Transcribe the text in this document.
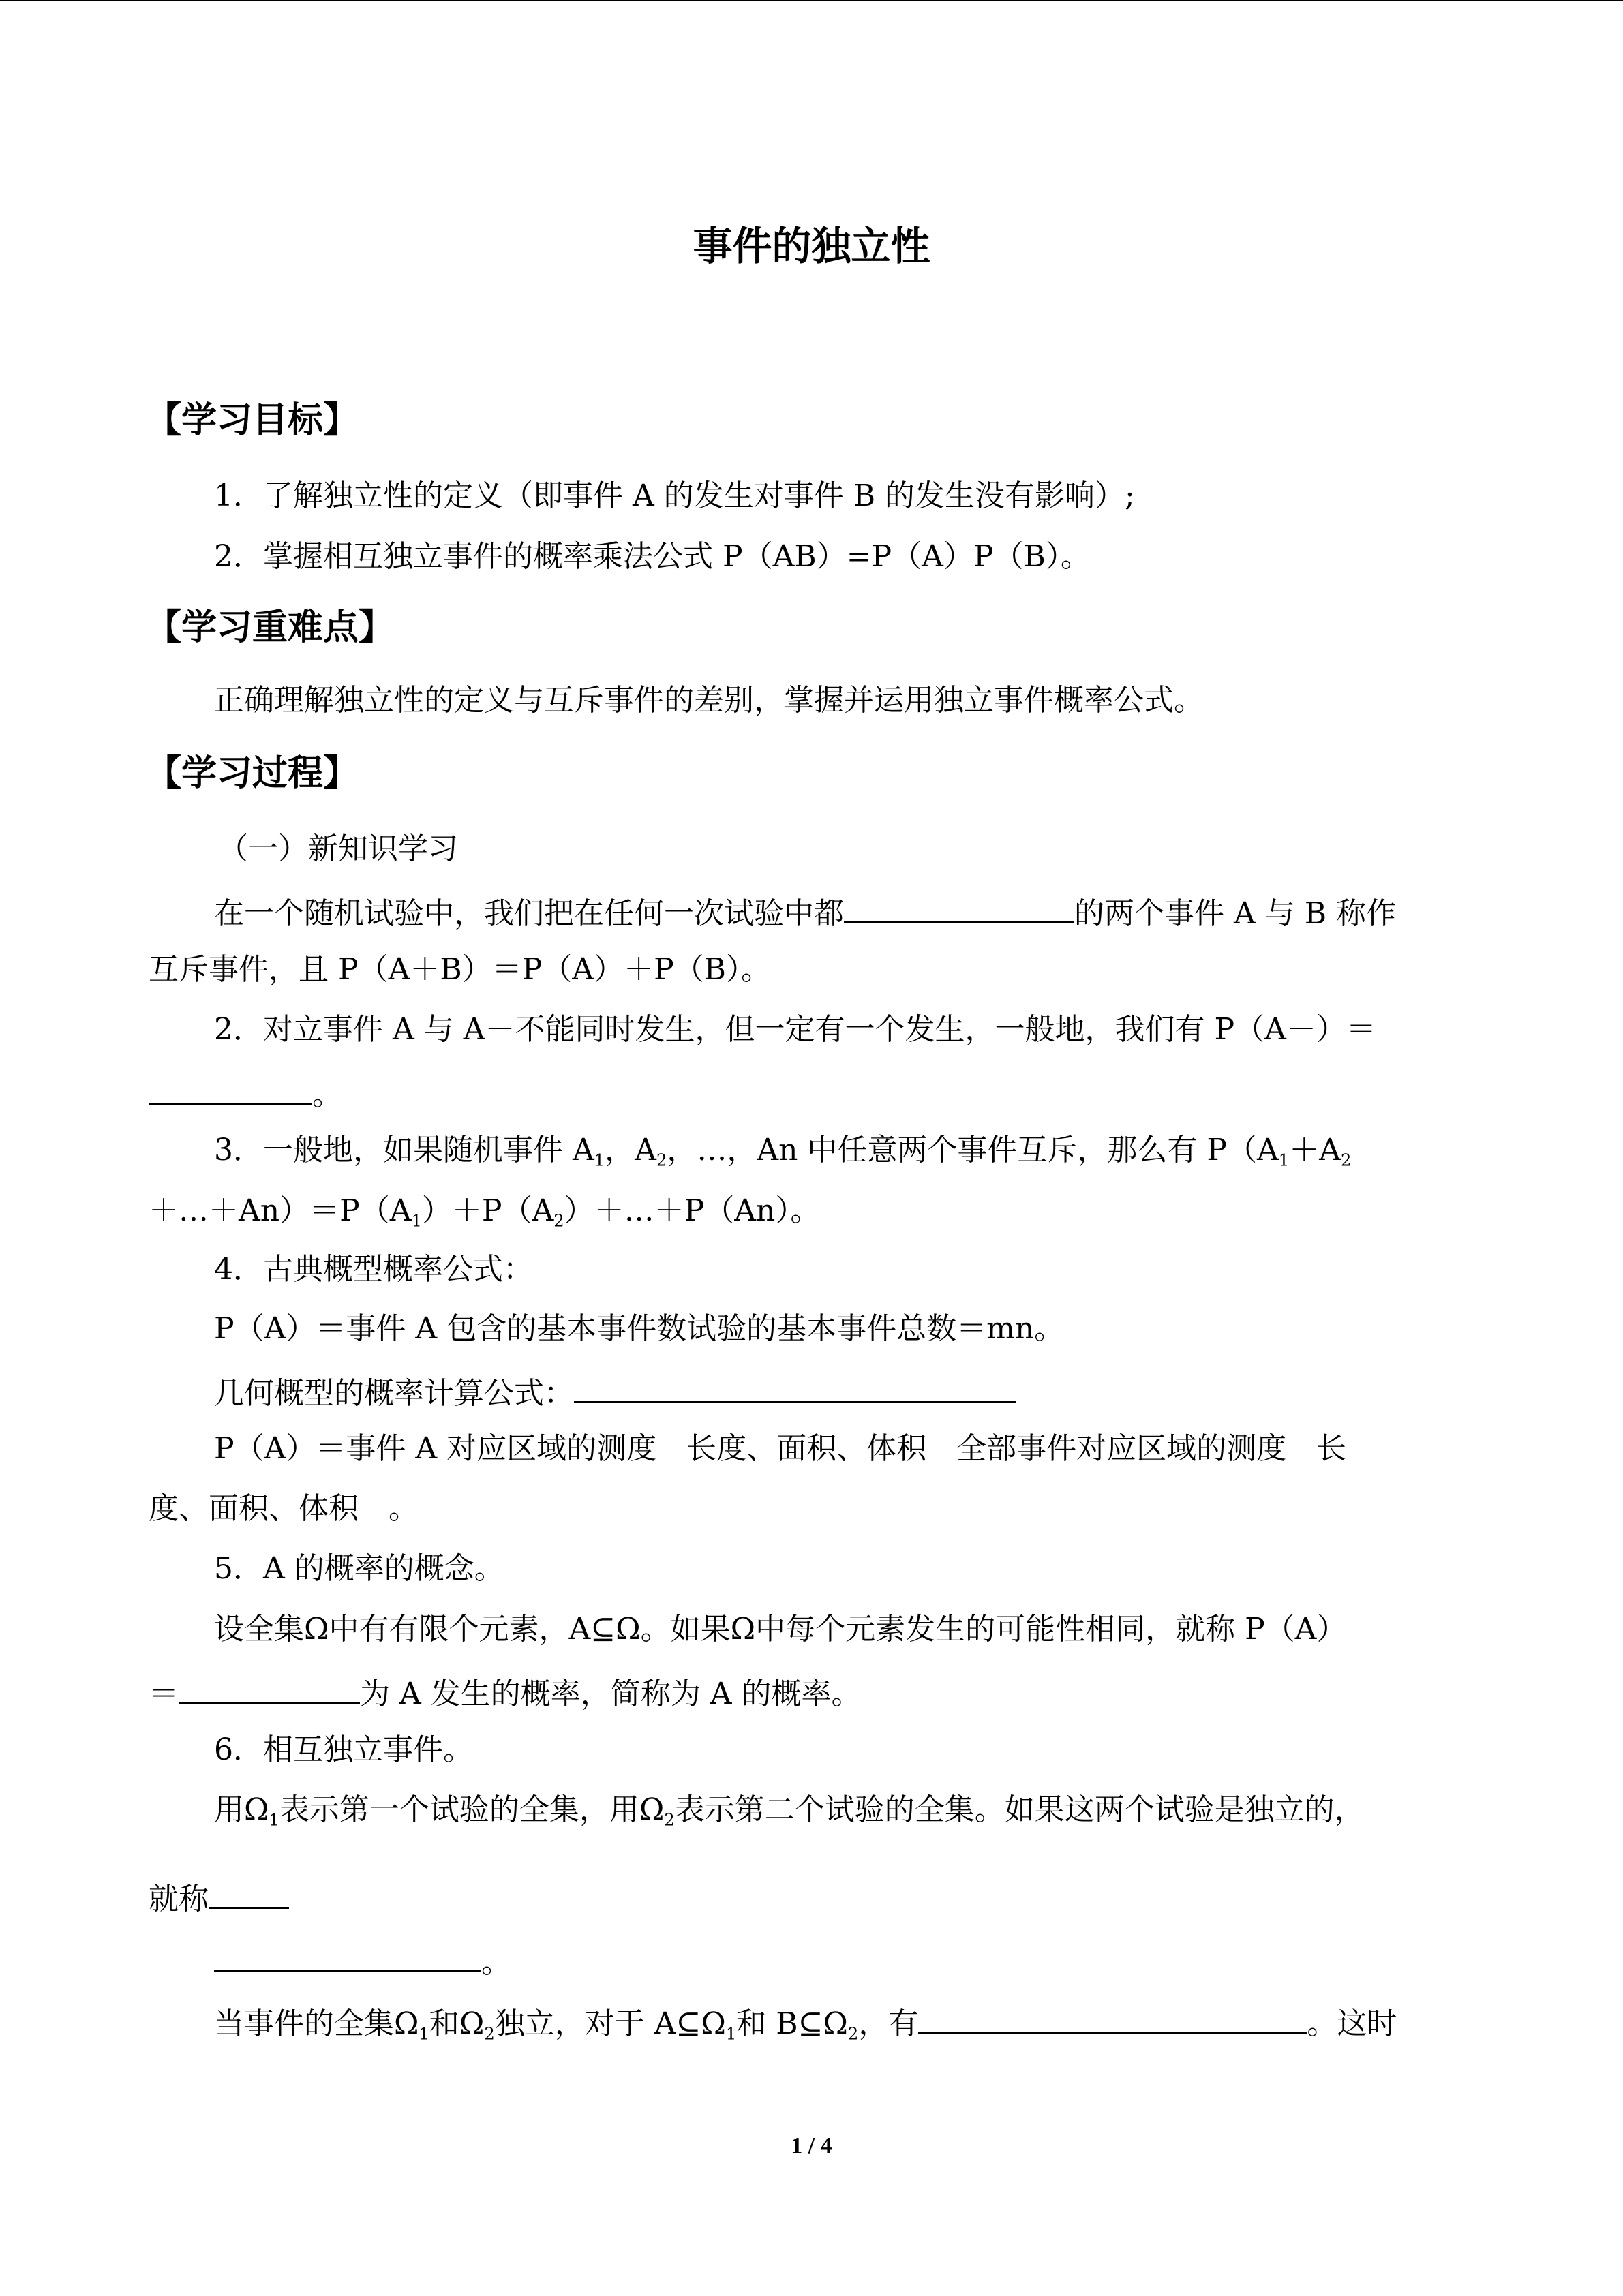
事件的独立性
【学习目标】
1．了解独立性的定义（即事件 A 的发生对事件 B 的发生没有影响）;
2．掌握相互独立事件的概率乘法公式 P（AB）=P（A）P（B）。
【学习重难点】
正确理解独立性的定义与互斥事件的差别，掌握并运用独立事件概率公式。
【学习过程】
（一）新知识学习
在一个随机试验中，我们把在任何一次试验中都	的两个事件 A 与 B 称作
互斥事件，且 P（A＋B）＝P（A）＋P（B）。
2．对立事件 A 与 A－不能同时发生，但一定有一个发生，一般地，我们有 P（A－）＝
。
3．一般地，如果随机事件 $A_1$，$A_2$，…，An 中任意两个事件互斥，那么有 $P(A_1+A_2$
$+\dots+An)=P(A_1)+P(A_2)+\dots+P(An)$。
4．古典概型概率公式：
P（A）＝事件 A 包含的基本事件数试验的基本事件总数＝mn。
几何概型的概率计算公式：
P（A）＝事件 A 对应区域的测度　长度、面积、体积　全部事件对应区域的测度　长
度、面积、体积　。
5．A 的概率的概念。
设全集Ω中有有限个元素，A⊆Ω。如果Ω中每个元素发生的可能性相同，就称 P（A）
＝	为 A 发生的概率，简称为 A 的概率。
6．相互独立事件。
用$\Omega_1$表示第一个试验的全集，用$\Omega_2$表示第二个试验的全集。如果这两个试验是独立的，
就称
。
当事件的全集$\Omega_1$和$\Omega_2$独立，对于 $A⊆\Omega_1$和 $B⊆\Omega_2$，有	。这时
1 / 4
